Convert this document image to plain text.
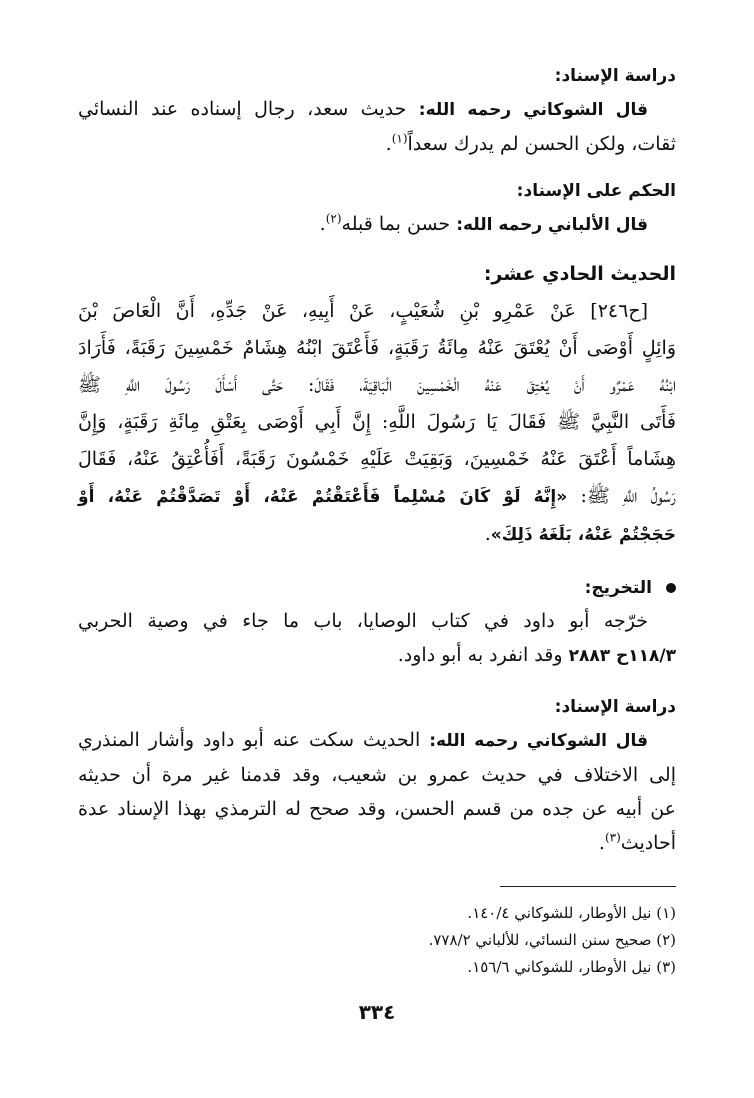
دراسة الإسناد:
قال الشوكاني رحمه الله: حديث سعد، رجال إسناده عند النسائي
ثقات، ولكن الحسن لم يدرك سعداً$^{(١)}$.
الحكم على الإسناد:
قال الألباني رحمه الله: حسن بما قبله$^{(٢)}$.
الحديث الحادي عشر:
[ح٢٤٦] عَنْ عَمْرِو بْنِ شُعَيْبٍ، عَنْ أَبِيهِ، عَنْ جَدِّهِ، أَنَّ الْعَاصَ بْنَ
وَائِلٍ أَوْصَى أَنْ يُعْتَقَ عَنْهُ مِائَةُ رَقَبَةٍ، فَأَعْتَقَ ابْنُهُ هِشَامٌ خَمْسِينَ رَقَبَةً، فَأَرَادَ
ابْنُهُ عَمْرٌو أَنْ يُعْتِقَ عَنْهُ الْخَمْسِينَ الْبَاقِيَةَ، فَقَالَ: حَتَّى أَسْأَلَ رَسُولَ اللَّهِ ﷺ
فَأَتَى النَّبِيَّ ﷺ فَقَالَ يَا رَسُولَ اللَّهِ: إِنَّ أَبِي أَوْصَى بِعَتْقِ مِائَةِ رَقَبَةٍ، وَإِنَّ
هِشَاماً أَعْتَقَ عَنْهُ خَمْسِينَ، وَبَقِيَتْ عَلَيْهِ خَمْسُونَ رَقَبَةً، أَفَأُعْتِقُ عَنْهُ، فَقَالَ
رَسُولُ اللَّهِ ﷺ: «إِنَّهُ لَوْ كَانَ مُسْلِماً فَأَعْتَقْتُمْ عَنْهُ، أَوْ تَصَدَّقْتُمْ عَنْهُ، أَوْ
حَجَجْتُمْ عَنْهُ، بَلَغَهُ ذَلِكَ».
التخريج:
خرّجه أبو داود في كتاب الوصايا، باب ما جاء في وصية الحربي
١١٨/٣ح ٢٨٨٣ وقد انفرد به أبو داود.
دراسة الإسناد:
قال الشوكاني رحمه الله: الحديث سكت عنه أبو داود وأشار المنذري
إلى الاختلاف في حديث عمرو بن شعيب، وقد قدمنا غير مرة أن حديثه
عن أبيه عن جده من قسم الحسن، وقد صحح له الترمذي بهذا الإسناد عدة
أحاديث$^{(٣)}$.
(١) نيل الأوطار، للشوكاني ١٤٠/٤.
(٢) صحيح سنن النسائي، للألباني ٧٧٨/٢.
(٣) نيل الأوطار، للشوكاني ١٥٦/٦.
٣٣٤
